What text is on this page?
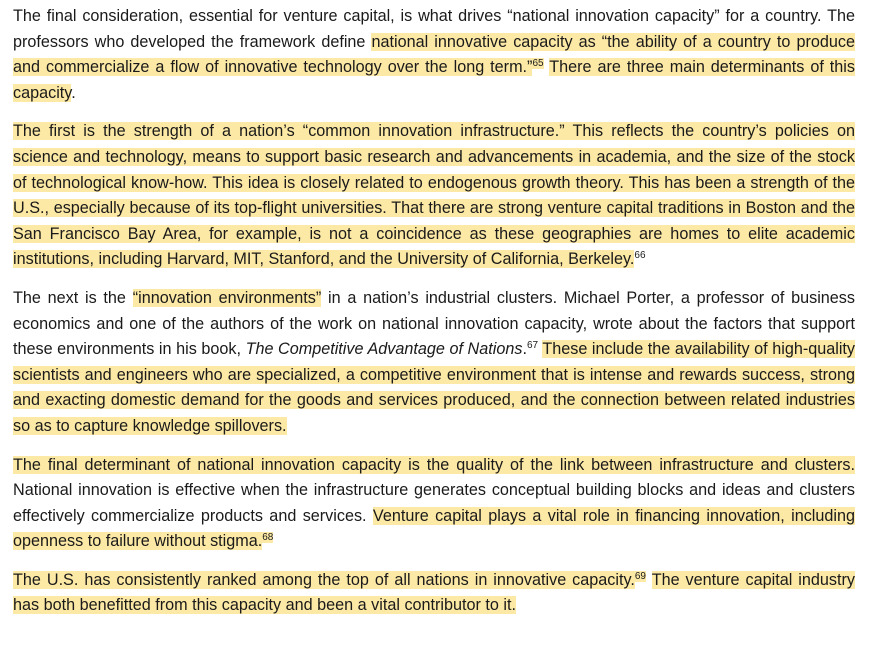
The final consideration, essential for venture capital, is what drives “national innovation capacity” for a country. The professors who developed the framework define national innovative capacity as “the ability of a country to produce and commercialize a flow of innovative technology over the long term.”$^{65}$ There are three main determinants of this capacity.

The first is the strength of a nation’s “common innovation infrastructure.” This reflects the country’s policies on science and technology, means to support basic research and advancements in academia, and the size of the stock of technological know-how. This idea is closely related to endogenous growth theory. This has been a strength of the U.S., especially because of its top-flight universities. That there are strong venture capital traditions in Boston and the San Francisco Bay Area, for example, is not a coincidence as these geographies are homes to elite academic institutions, including Harvard, MIT, Stanford, and the University of California, Berkeley.$^{66}$

The next is the “innovation environments” in a nation’s industrial clusters. Michael Porter, a professor of business economics and one of the authors of the work on national innovation capacity, wrote about the factors that support these environments in his book, The Competitive Advantage of Nations.$^{67}$ These include the availability of high-quality scientists and engineers who are specialized, a competitive environment that is intense and rewards success, strong and exacting domestic demand for the goods and services produced, and the connection between related industries so as to capture knowledge spillovers.

The final determinant of national innovation capacity is the quality of the link between infrastructure and clusters. National innovation is effective when the infrastructure generates conceptual building blocks and ideas and clusters effectively commercialize products and services. Venture capital plays a vital role in financing innovation, including openness to failure without stigma.$^{68}$

The U.S. has consistently ranked among the top of all nations in innovative capacity.$^{69}$ The venture capital industry has both benefitted from this capacity and been a vital contributor to it.
